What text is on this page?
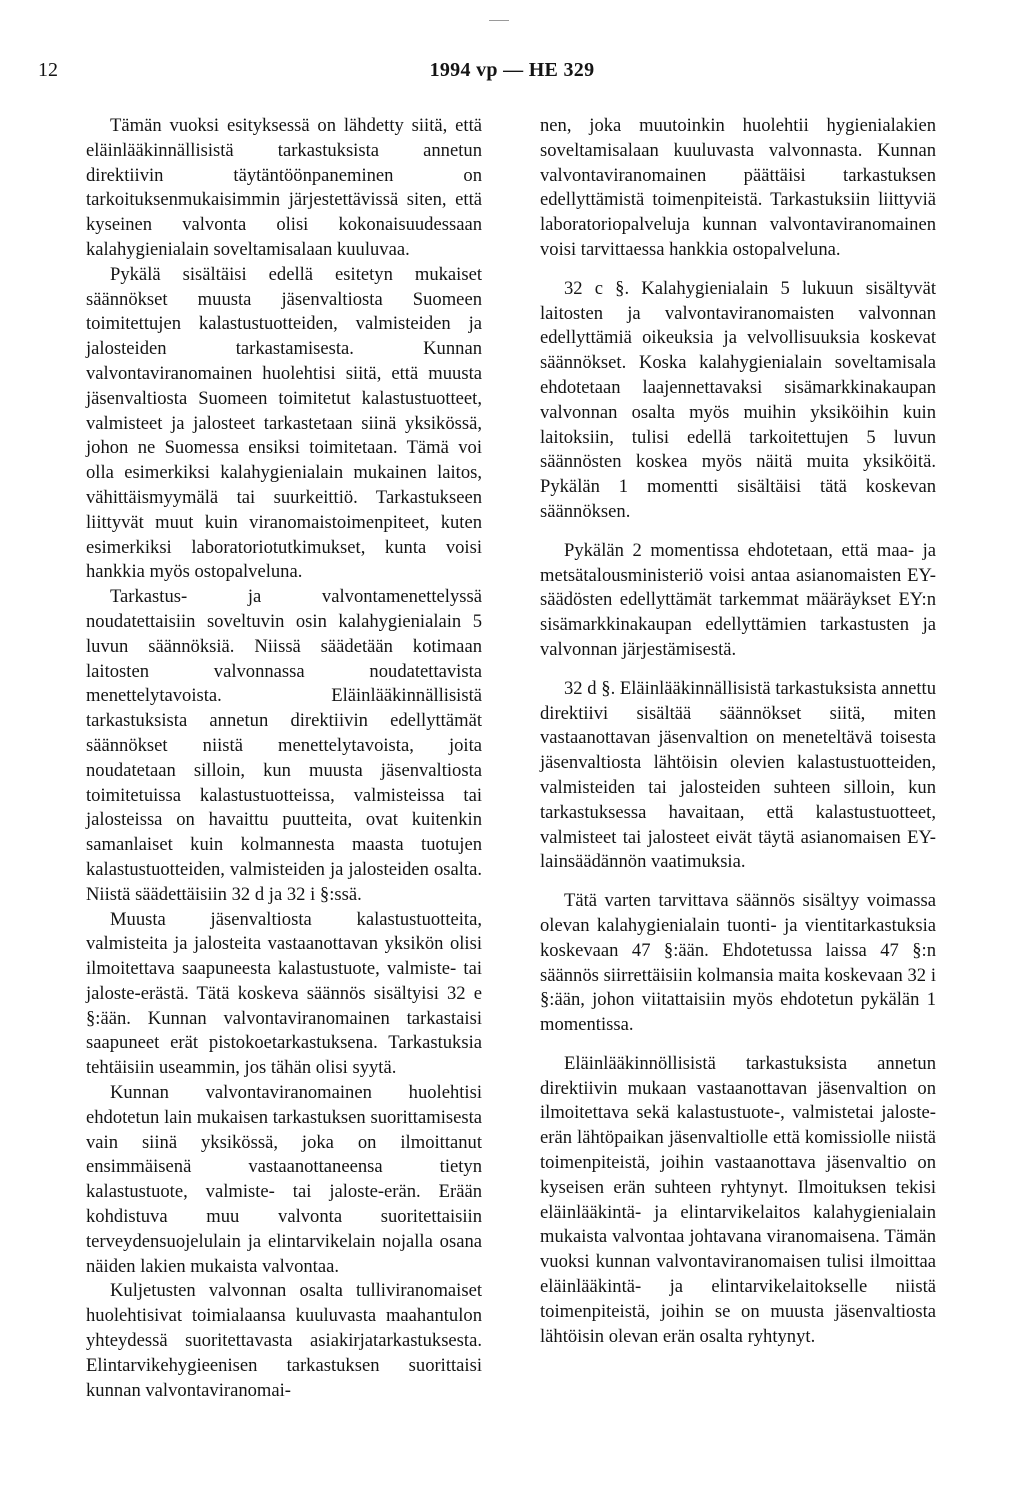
12	1994 vp — HE 329

Tämän vuoksi esityksessä on lähdetty siitä, että eläinlääkinnällisistä tarkastuksista annetun direktiivin täytäntöönpaneminen on tarkoituksenmukaisimmin järjestettävissä siten, että kyseinen valvonta olisi kokonaisuudessaan kalahygienialain soveltamisalaan kuuluvaa.

Pykälä sisältäisi edellä esitetyn mukaiset säännökset muusta jäsenvaltiosta Suomeen toimitettujen kalastustuotteiden, valmisteiden ja jalosteiden tarkastamisesta. Kunnan valvontaviranomainen huolehtisi siitä, että muusta jäsenvaltiosta Suomeen toimitetut kalastustuotteet, valmisteet ja jalosteet tarkastetaan siinä yksikössä, johon ne Suomessa ensiksi toimitetaan. Tämä voi olla esimerkiksi kalahygienialain mukainen laitos, vähittäismyymälä tai suurkeittiö. Tarkastukseen liittyvät muut kuin viranomaistoimenpiteet, kuten esimerkiksi laboratoriotutkimukset, kunta voisi hankkia myös ostopalveluna.

Tarkastus- ja valvontamenettelyssä noudatettaisiin soveltuvin osin kalahygienialain 5 luvun säännöksiä. Niissä säädetään kotimaan laitosten valvonnassa noudatettavista menettelytavoista. Eläinlääkinnällisistä tarkastuksista annetun direktiivin edellyttämät säännökset niistä menettelytavoista, joita noudatetaan silloin, kun muusta jäsenvaltiosta toimitetuissa kalastustuotteissa, valmisteissa tai jalosteissa on havaittu puutteita, ovat kuitenkin samanlaiset kuin kolmannesta maasta tuotujen kalastustuotteiden, valmisteiden ja jalosteiden osalta. Niistä säädettäisiin 32 d ja 32 i §:ssä.

Muusta jäsenvaltiosta kalastustuotteita, valmisteita ja jalosteita vastaanottavan yksikön olisi ilmoitettava saapuneesta kalastustuote, valmiste- tai jaloste-erästä. Tätä koskeva säännös sisältyisi 32 e §:ään. Kunnan valvontaviranomainen tarkastaisi saapuneet erät pistokoetarkastuksena. Tarkastuksia tehtäisiin useammin, jos tähän olisi syytä.

Kunnan valvontaviranomainen huolehtisi ehdotetun lain mukaisen tarkastuksen suorittamisesta vain siinä yksikössä, joka on ilmoittanut ensimmäisenä vastaanottaneensa tietyn kalastustuote, valmiste- tai jaloste-erän. Erään kohdistuva muu valvonta suoritettaisiin terveydensuojelulain ja elintarvikelain nojalla osana näiden lakien mukaista valvontaa.

Kuljetusten valvonnan osalta tulliviranomaiset huolehtisivat toimialaansa kuuluvasta maahantulon yhteydessä suoritettavasta asiakirjatarkastuksesta. Elintarvikehygieenisen tarkastuksen suorittaisi kunnan valvontaviranomai-

nen, joka muutoinkin huolehtii hygienialakien soveltamisalaan kuuluvasta valvonnasta. Kunnan valvontaviranomainen päättäisi tarkastuksen edellyttämistä toimenpiteistä. Tarkastuksiin liittyviä laboratoriopalveluja kunnan valvontaviranomainen voisi tarvittaessa hankkia ostopalveluna.

32 c §. Kalahygienialain 5 lukuun sisältyvät laitosten ja valvontaviranomaisten valvonnan edellyttämiä oikeuksia ja velvollisuuksia koskevat säännökset. Koska kalahygienialain soveltamisala ehdotetaan laajennettavaksi sisämarkkinakaupan valvonnan osalta myös muihin yksiköihin kuin laitoksiin, tulisi edellä tarkoitettujen 5 luvun säännösten koskea myös näitä muita yksiköitä. Pykälän 1 momentti sisältäisi tätä koskevan säännöksen.

Pykälän 2 momentissa ehdotetaan, että maa- ja metsätalousministeriö voisi antaa asianomaisten EY-säädösten edellyttämät tarkemmat määräykset EY:n sisämarkkinakaupan edellyttämien tarkastusten ja valvonnan järjestämisestä.

32 d §. Eläinlääkinnällisistä tarkastuksista annettu direktiivi sisältää säännökset siitä, miten vastaanottavan jäsenvaltion on meneteltävä toisesta jäsenvaltiosta lähtöisin olevien kalastustuotteiden, valmisteiden tai jalosteiden suhteen silloin, kun tarkastuksessa havaitaan, että kalastustuotteet, valmisteet tai jalosteet eivät täytä asianomaisen EY-lainsäädännön vaatimuksia.

Tätä varten tarvittava säännös sisältyy voimassa olevan kalahygienialain tuonti- ja vientitarkastuksia koskevaan 47 §:ään. Ehdotetussa laissa 47 §:n säännös siirrettäisiin kolmansia maita koskevaan 32 i §:ään, johon viitattaisiin myös ehdotetun pykälän 1 momentissa.

Eläinlääkinnöllisistä tarkastuksista annetun direktiivin mukaan vastaanottavan jäsenvaltion on ilmoitettava sekä kalastustuote-, valmistetai jaloste-erän lähtöpaikan jäsenvaltiolle että komissiolle niistä toimenpiteistä, joihin vastaanottava jäsenvaltio on kyseisen erän suhteen ryhtynyt. Ilmoituksen tekisi eläinlääkintä- ja elintarvikelaitos kalahygienialain mukaista valvontaa johtavana viranomaisena. Tämän vuoksi kunnan valvontaviranomaisen tulisi ilmoittaa eläinlääkintä- ja elintarvikelaitokselle niistä toimenpiteistä, joihin se on muusta jäsenvaltiosta lähtöisin olevan erän osalta ryhtynyt.
